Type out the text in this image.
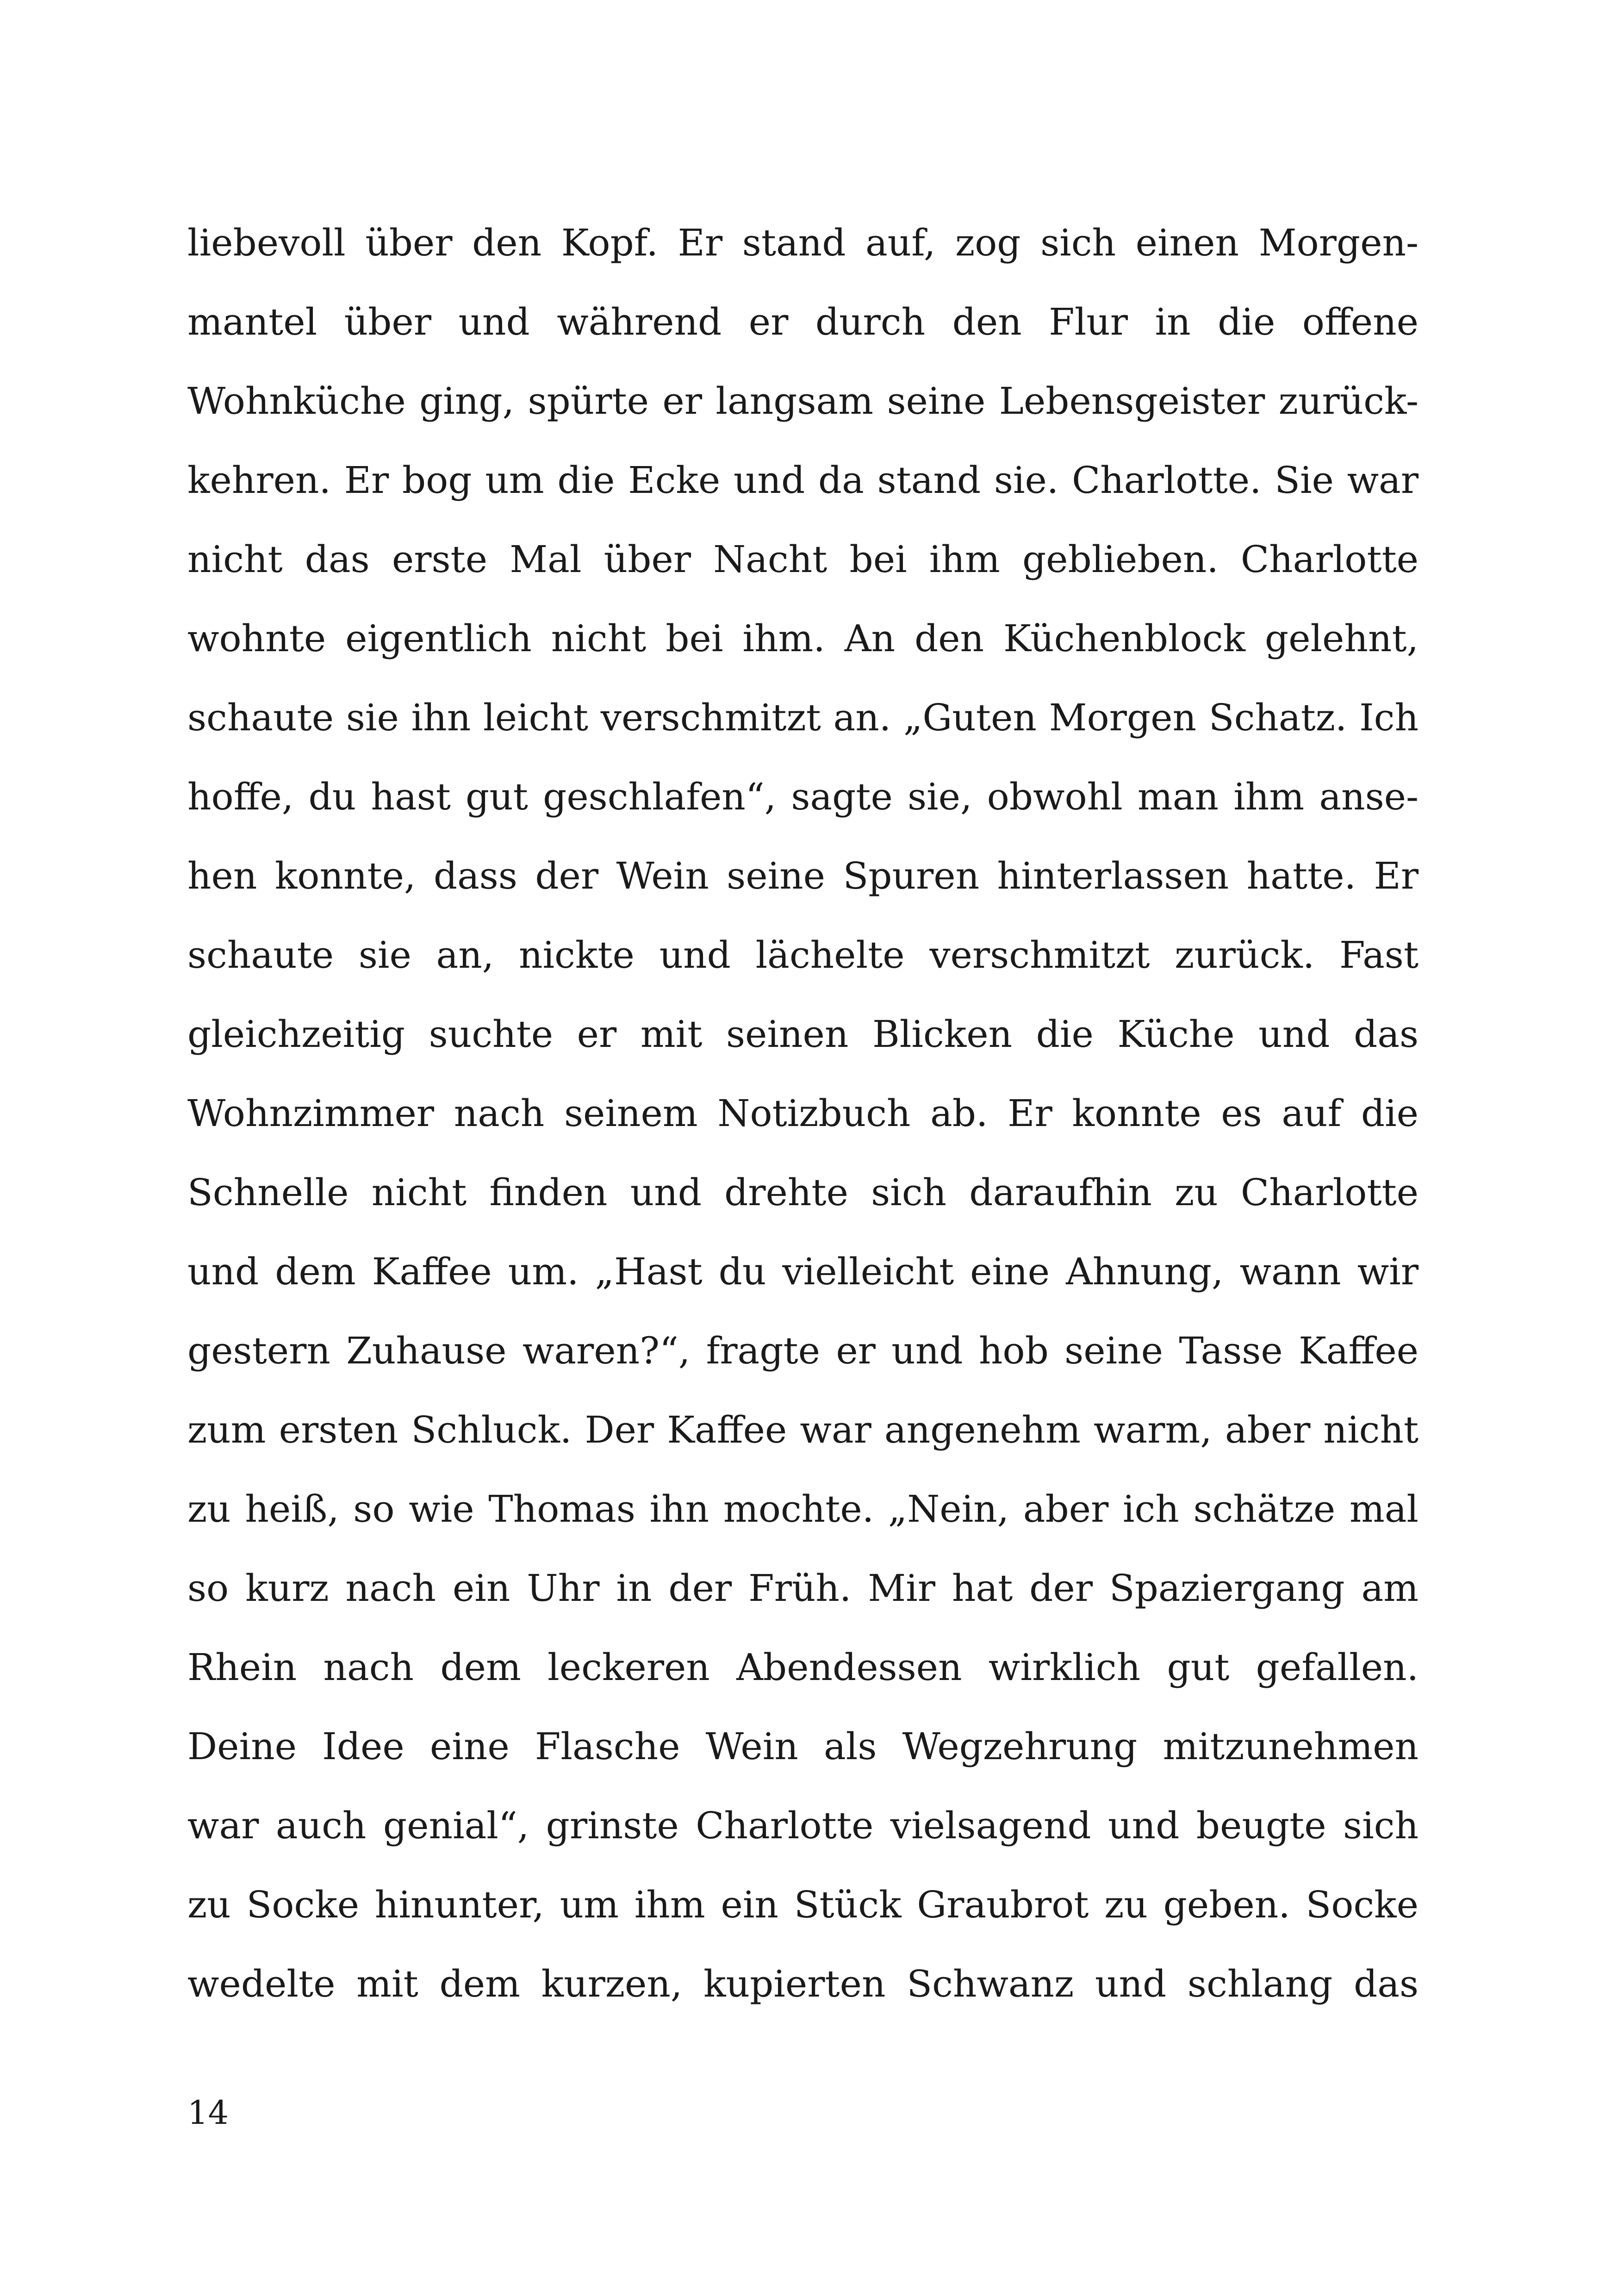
liebevoll über den Kopf. Er stand auf, zog sich einen Morgen-
mantel über und während er durch den Flur in die offene
Wohnküche ging, spürte er langsam seine Lebensgeister zurück-
kehren. Er bog um die Ecke und da stand sie. Charlotte. Sie war
nicht das erste Mal über Nacht bei ihm geblieben. Charlotte
wohnte eigentlich nicht bei ihm. An den Küchenblock gelehnt,
schaute sie ihn leicht verschmitzt an. „Guten Morgen Schatz. Ich
hoffe, du hast gut geschlafen“, sagte sie, obwohl man ihm anse-
hen konnte, dass der Wein seine Spuren hinterlassen hatte. Er
schaute sie an, nickte und lächelte verschmitzt zurück. Fast
gleichzeitig suchte er mit seinen Blicken die Küche und das
Wohnzimmer nach seinem Notizbuch ab. Er konnte es auf die
Schnelle nicht finden und drehte sich daraufhin zu Charlotte
und dem Kaffee um. „Hast du vielleicht eine Ahnung, wann wir
gestern Zuhause waren?“, fragte er und hob seine Tasse Kaffee
zum ersten Schluck. Der Kaffee war angenehm warm, aber nicht
zu heiß, so wie Thomas ihn mochte. „Nein, aber ich schätze mal
so kurz nach ein Uhr in der Früh. Mir hat der Spaziergang am
Rhein nach dem leckeren Abendessen wirklich gut gefallen.
Deine Idee eine Flasche Wein als Wegzehrung mitzunehmen
war auch genial“, grinste Charlotte vielsagend und beugte sich
zu Socke hinunter, um ihm ein Stück Graubrot zu geben. Socke
wedelte mit dem kurzen, kupierten Schwanz und schlang das
14
